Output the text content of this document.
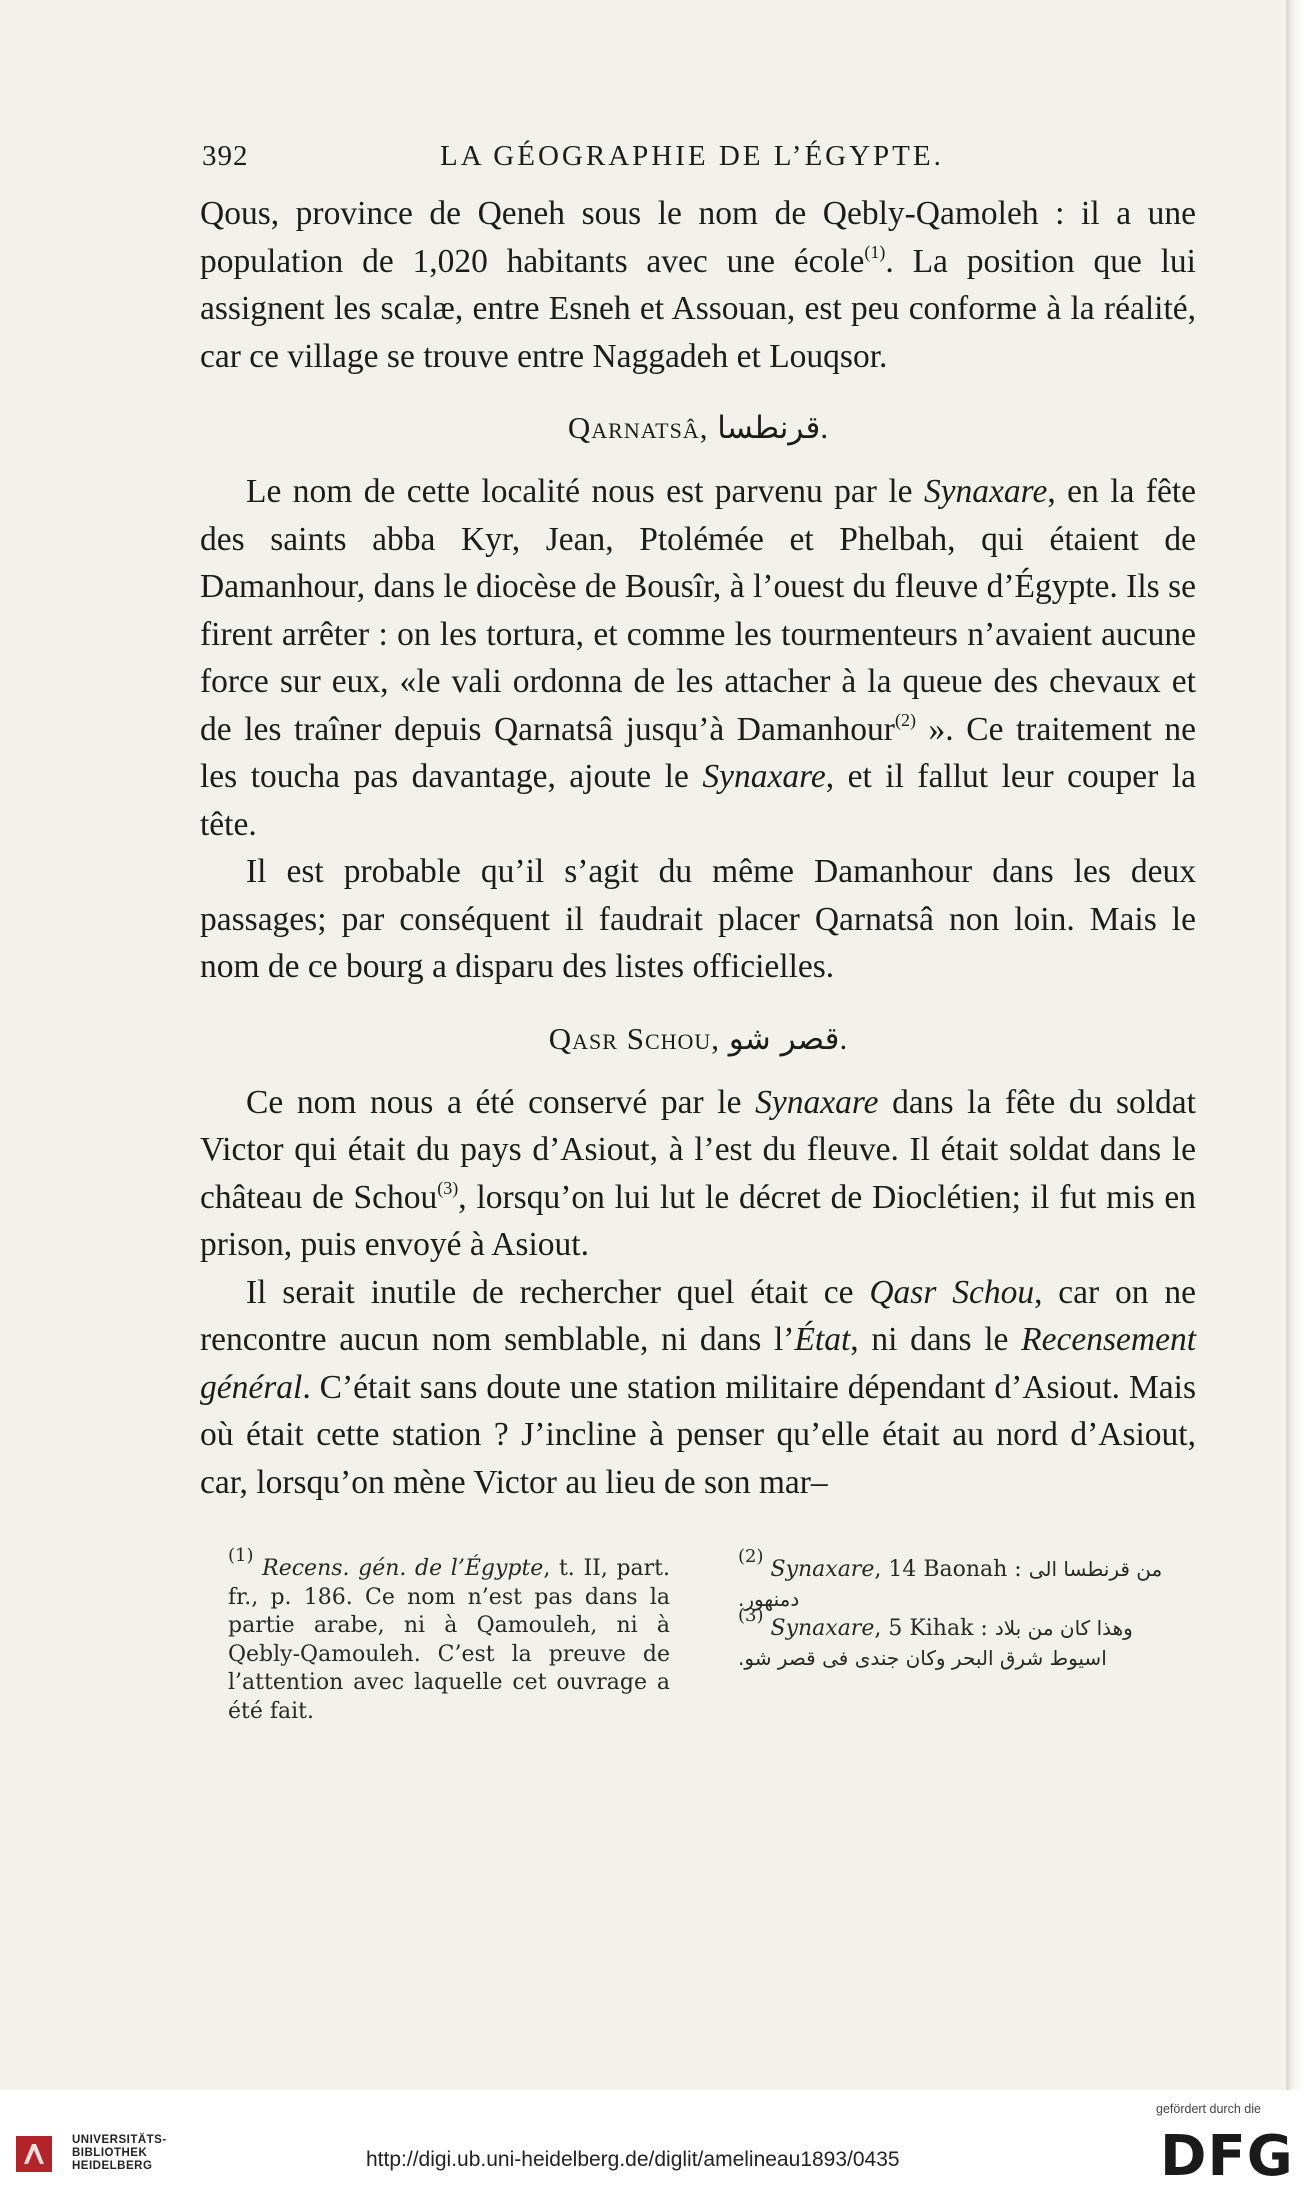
392	LA GÉOGRAPHIE DE L’ÉGYPTE.

Qous, province de Qeneh sous le nom de Qebly-Qamoleh : il a une population de 1,020 habitants avec une école$^{(1)}$. La position que lui assignent les scalæ, entre Esneh et Assouan, est peu conforme à la réalité, car ce village se trouve entre Naggadeh et Louqsor.

Qarnatsâ, قرنطسا.

Le nom de cette localité nous est parvenu par le Synaxare, en la fête des saints abba Kyr, Jean, Ptolémée et Phelbah, qui étaient de Damanhour, dans le diocèse de Bousîr, à l’ouest du fleuve d’Égypte. Ils se firent arrêter : on les tortura, et comme les tourmenteurs n’avaient aucune force sur eux, «le vali ordonna de les attacher à la queue des chevaux et de les traîner depuis Qarnatsâ jusqu’à Damanhour$^{(2)}$ ». Ce traitement ne les toucha pas davantage, ajoute le Synaxare, et il fallut leur couper la tête.

Il est probable qu’il s’agit du même Damanhour dans les deux passages; par conséquent il faudrait placer Qarnatsâ non loin. Mais le nom de ce bourg a disparu des listes officielles.

Qasr Schou, قصر شو.

Ce nom nous a été conservé par le Synaxare dans la fête du soldat Victor qui était du pays d’Asiout, à l’est du fleuve. Il était soldat dans le château de Schou$^{(3)}$, lorsqu’on lui lut le décret de Dioclétien; il fut mis en prison, puis envoyé à Asiout.

Il serait inutile de rechercher quel était ce Qasr Schou, car on ne rencontre aucun nom semblable, ni dans l’État, ni dans le Recensement général. C’était sans doute une station militaire dépendant d’Asiout. Mais où était cette station ? J’incline à penser qu’elle était au nord d’Asiout, car, lorsqu’on mène Victor au lieu de son mar–

$^{(1)}$ Recens. gén. de l’Égypte, t. II, part. fr., p. 186. Ce nom n’est pas dans la partie arabe, ni à Qamouleh, ni à Qebly-Qamouleh. C’est la preuve de l’attention avec laquelle cet ouvrage a été fait.

$^{(2)}$ Synaxare, 14 Baonah : من قرنطسا الى دمنهور.

$^{(3)}$ Synaxare, 5 Kihak : وهذا كان من بلاد اسيوط شرق البحر وكان جندى فى قصر شو.

UNIVERSITÄTS-
BIBLIOTHEK
HEIDELBERG	http://digi.ub.uni-heidelberg.de/diglit/amelineau1893/0435
gefördert durch die
DFG
